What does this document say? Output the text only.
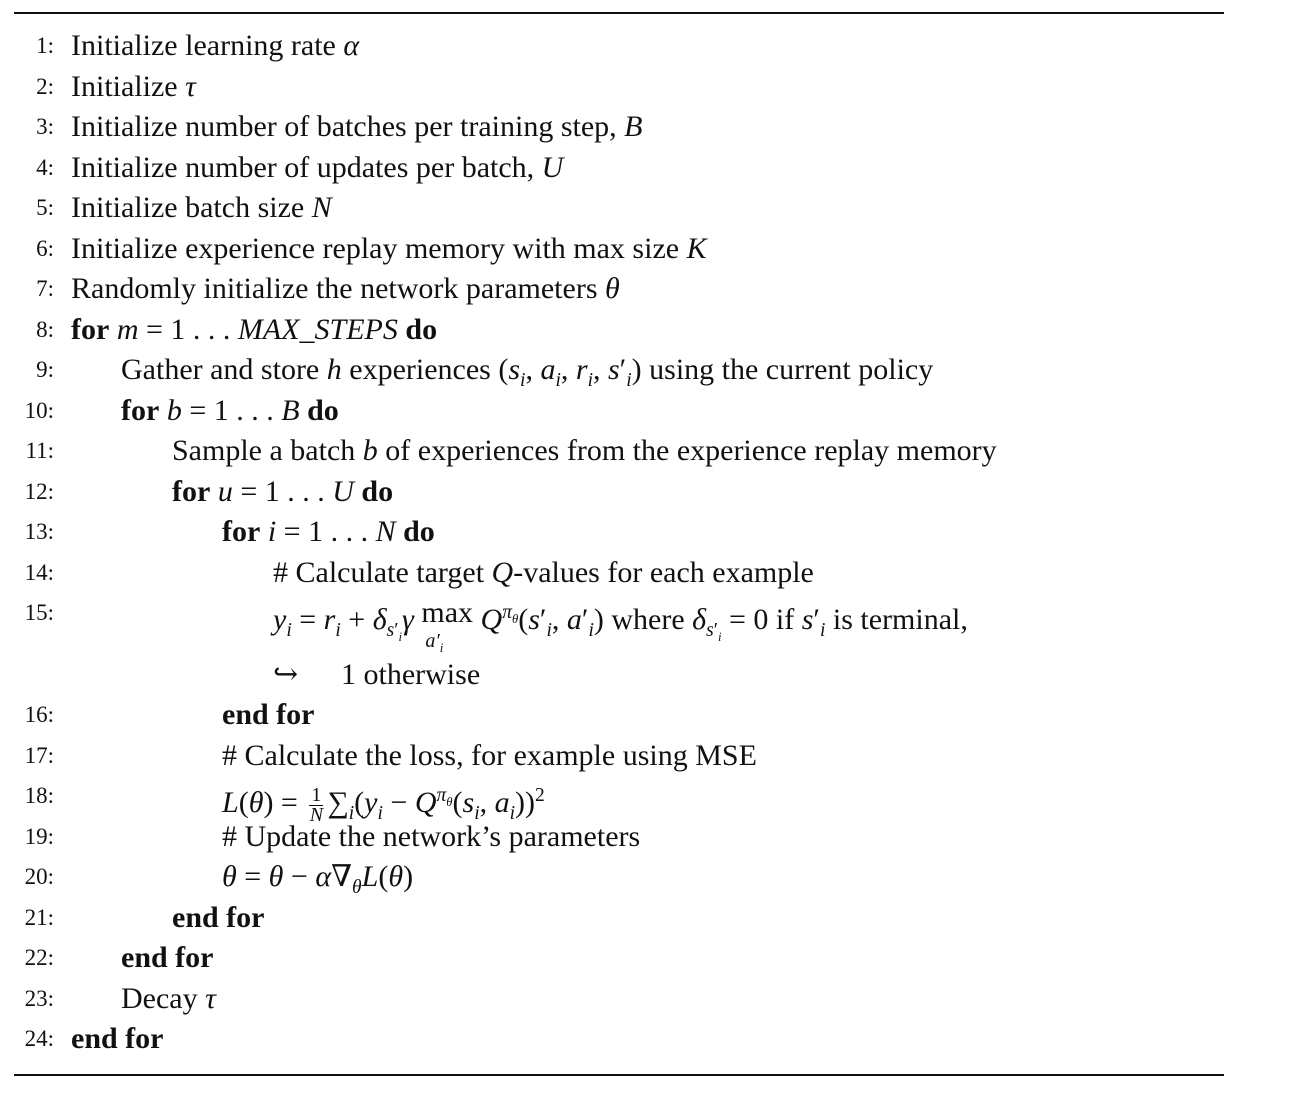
1: Initialize learning rate α
2: Initialize τ
3: Initialize number of batches per training step, B
4: Initialize number of updates per batch, U
5: Initialize batch size N
6: Initialize experience replay memory with max size K
7: Randomly initialize the network parameters θ
8: for m = 1 . . . MAX_STEPS do
9: Gather and store h experiences ($s_i$, $a_i$, $r_i$, $s'_i$) using the current policy
10: for b = 1 . . . B do
11:	Sample a batch b of experiences from the experience replay memory
12:	for u = 1 . . . U do
13:	for i = 1 . . . N do
14:	# Calculate target Q-values for each example
15:	$y_i = r_i + \delta_{s'_i}\gamma$ max
$a'_i$
$Q^{\pi_\theta}(s'_i$, $a'_i$) where $\delta_{s'_i} = 0$ if $s'_i$ is terminal,
↪ 1 otherwise
16:	end for
17:	# Calculate the loss, for example using MSE
18:	$L(\theta) = \frac{1}{N} \sum_i(y_i - Q^{\pi_\theta}(s_i$, $a_i))^2$
19:	# Update the network’s parameters
20:	$\theta = \theta - \alpha\nabla_\theta L(\theta)$
21:	end for
22: end for
23: Decay τ
24: end for
